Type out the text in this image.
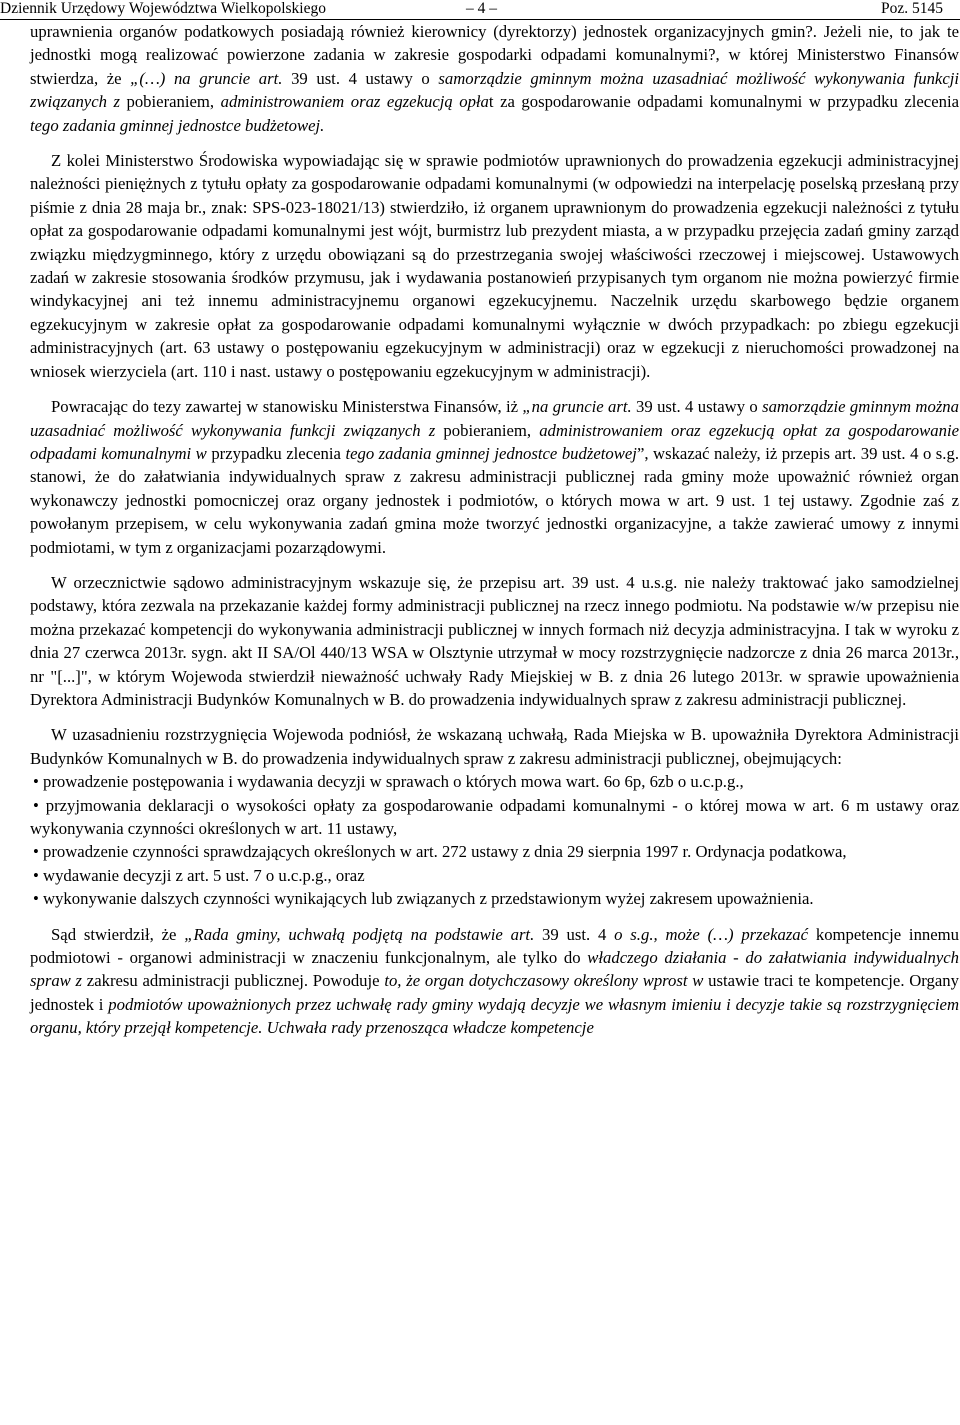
Dziennik Urzędowy Województwa Wielkopolskiego	– 4 –	Poz. 5145

uprawnienia organów podatkowych posiadają również kierownicy (dyrektorzy) jednostek organizacyjnych gmin?. Jeżeli nie, to jak te jednostki mogą realizować powierzone zadania w zakresie gospodarki odpadami komunalnymi?, w której Ministerstwo Finansów stwierdza, że „(…) na gruncie art. 39 ust. 4 ustawy o samorządzie gminnym można uzasadniać możliwość wykonywania funkcji związanych z pobieraniem, administrowaniem oraz egzekucją opłat za gospodarowanie odpadami komunalnymi w przypadku zlecenia tego zadania gminnej jednostce budżetowej.

Z kolei Ministerstwo Środowiska wypowiadając się w sprawie podmiotów uprawnionych do prowadzenia egzekucji administracyjnej należności pieniężnych z tytułu opłaty za gospodarowanie odpadami komunalnymi (w odpowiedzi na interpelację poselską przesłaną przy piśmie z dnia 28 maja br., znak: SPS-023-18021/13) stwierdziło, iż organem uprawnionym do prowadzenia egzekucji należności z tytułu opłat za gospodarowanie odpadami komunalnymi jest wójt, burmistrz lub prezydent miasta, a w przypadku przejęcia zadań gminy zarząd związku międzygminnego, który z urzędu obowiązani są do przestrzegania swojej właściwości rzeczowej i miejscowej. Ustawowych zadań w zakresie stosowania środków przymusu, jak i wydawania postanowień przypisanych tym organom nie można powierzyć firmie windykacyjnej ani też innemu administracyjnemu organowi egzekucyjnemu. Naczelnik urzędu skarbowego będzie organem egzekucyjnym w zakresie opłat za gospodarowanie odpadami komunalnymi wyłącznie w dwóch przypadkach: po zbiegu egzekucji administracyjnych (art. 63 ustawy o postępowaniu egzekucyjnym w administracji) oraz w egzekucji z nieruchomości prowadzonej na wniosek wierzyciela (art. 110 i nast. ustawy o postępowaniu egzekucyjnym w administracji).

Powracając do tezy zawartej w stanowisku Ministerstwa Finansów, iż „na gruncie art. 39 ust. 4 ustawy o samorządzie gminnym można uzasadniać możliwość wykonywania funkcji związanych z pobieraniem, administrowaniem oraz egzekucją opłat za gospodarowanie odpadami komunalnymi w przypadku zlecenia tego zadania gminnej jednostce budżetowej”, wskazać należy, iż przepis art. 39 ust. 4 o s.g. stanowi, że do załatwiania indywidualnych spraw z zakresu administracji publicznej rada gminy może upoważnić również organ wykonawczy jednostki pomocniczej oraz organy jednostek i podmiotów, o których mowa w art. 9 ust. 1 tej ustawy. Zgodnie zaś z powołanym przepisem, w celu wykonywania zadań gmina może tworzyć jednostki organizacyjne, a także zawierać umowy z innymi podmiotami, w tym z organizacjami pozarządowymi.

W orzecznictwie sądowo administracyjnym wskazuje się, że przepisu art. 39 ust. 4 u.s.g. nie należy traktować jako samodzielnej podstawy, która zezwala na przekazanie każdej formy administracji publicznej na rzecz innego podmiotu. Na podstawie w/w przepisu nie można przekazać kompetencji do wykonywania administracji publicznej w innych formach niż decyzja administracyjna. I tak w wyroku z dnia 27 czerwca 2013r. sygn. akt II SA/Ol 440/13 WSA w Olsztynie utrzymał w mocy rozstrzygnięcie nadzorcze z dnia 26 marca 2013r., nr "[...]", w którym Wojewoda stwierdził nieważność uchwały Rady Miejskiej w B. z dnia 26 lutego 2013r. w sprawie upoważnienia Dyrektora Administracji Budynków Komunalnych w B. do prowadzenia indywidualnych spraw z zakresu administracji publicznej.

W uzasadnieniu rozstrzygnięcia Wojewoda podniósł, że wskazaną uchwałą, Rada Miejska w B. upoważniła Dyrektora Administracji Budynków Komunalnych w B. do prowadzenia indywidualnych spraw z zakresu administracji publicznej, obejmujących:

• prowadzenie postępowania i wydawania decyzji w sprawach o których mowa wart. 6o 6p, 6zb o u.c.p.g.,

• przyjmowania deklaracji o wysokości opłaty za gospodarowanie odpadami komunalnymi - o której mowa w art. 6 m ustawy oraz wykonywania czynności określonych w art. 11 ustawy,

• prowadzenie czynności sprawdzających określonych w art. 272 ustawy z dnia 29 sierpnia 1997 r. Ordynacja podatkowa,

• wydawanie decyzji z art. 5 ust. 7 o u.c.p.g., oraz

• wykonywanie dalszych czynności wynikających lub związanych z przedstawionym wyżej zakresem upoważnienia.

Sąd stwierdził, że „Rada gminy, uchwałą podjętą na podstawie art. 39 ust. 4 o s.g., może (…) przekazać kompetencje innemu podmiotowi - organowi administracji w znaczeniu funkcjonalnym, ale tylko do władczego działania - do załatwiania indywidualnych spraw z zakresu administracji publicznej. Powoduje to, że organ dotychczasowy określony wprost w ustawie traci te kompetencje. Organy jednostek i podmiotów upoważnionych przez uchwałę rady gminy wydają decyzje we własnym imieniu i decyzje takie są rozstrzygnięciem organu, który przejął kompetencje. Uchwała rady przenosząca władcze kompetencje
